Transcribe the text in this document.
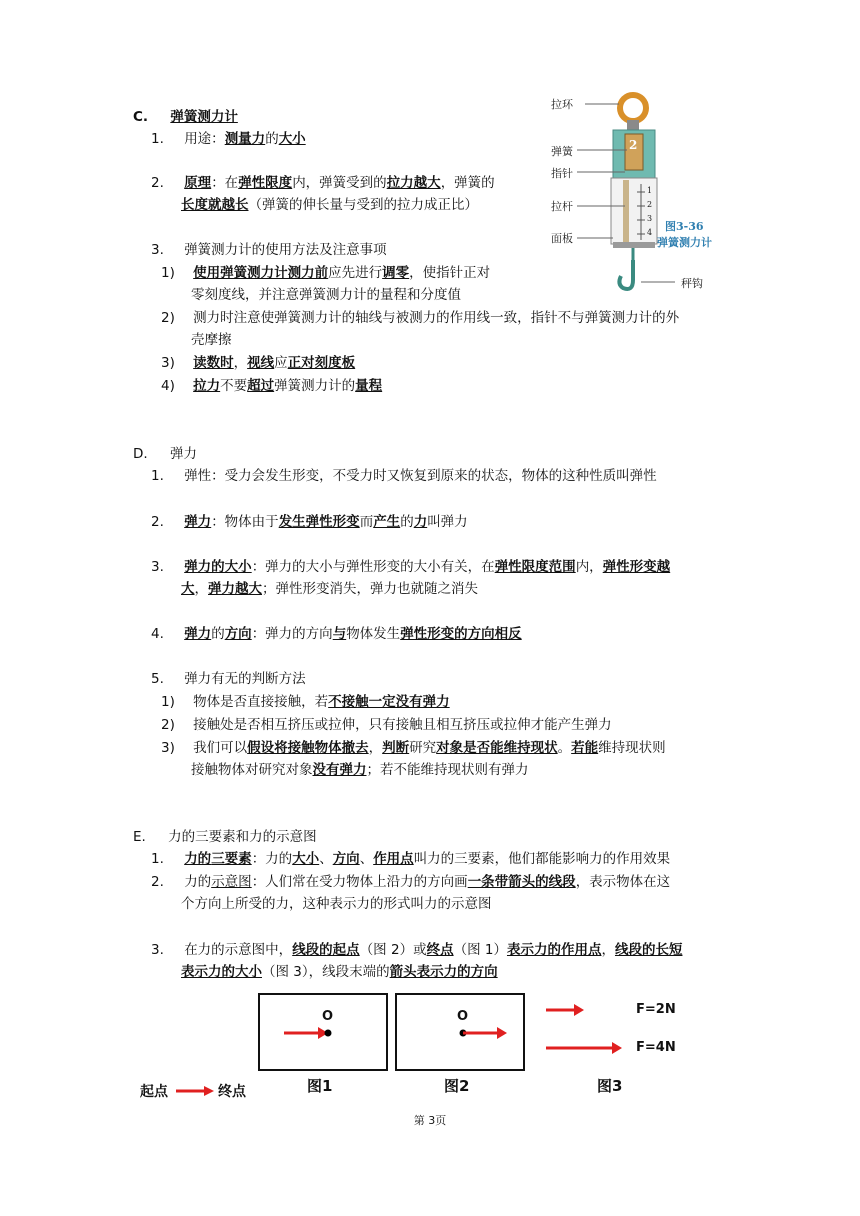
C. 弹簧测力计
1. 用途：测量力的大小
2. 原理：在弹性限度内，弹簧受到的拉力越大，弹簧的
长度就越长（弹簧的伸长量与受到的拉力成正比）
3. 弹簧测力计的使用方法及注意事项
1) 使用弹簧测力计测力前应先进行调零，使指针正对
零刻度线，并注意弹簧测力计的量程和分度值
2) 测力时注意使弹簧测力计的轴线与被测力的作用线一致，指针不与弹簧测力计的外
壳摩擦
3) 读数时，视线应正对刻度板
4) 拉力不要超过弹簧测力计的量程
拉环
弹簧
指针
拉杆
面板
秤钩
2
1
2
3
4 图3-36
弹簧测力计
D. 弹力
1. 弹性：受力会发生形变，不受力时又恢复到原来的状态，物体的这种性质叫弹性
2. 弹力：物体由于发生弹性形变而产生的力叫弹力
3. 弹力的大小：弹力的大小与弹性形变的大小有关，在弹性限度范围内，弹性形变越
大，弹力越大；弹性形变消失，弹力也就随之消失
4. 弹力的方向：弹力的方向与物体发生弹性形变的方向相反
5. 弹力有无的判断方法
1) 物体是否直接接触，若不接触一定没有弹力
2) 接触处是否相互挤压或拉伸，只有接触且相互挤压或拉伸才能产生弹力
3) 我们可以假设将接触物体撤去，判断研究对象是否能维持现状。若能维持现状则
接触物体对研究对象没有弹力；若不能维持现状则有弹力
E. 力的三要素和力的示意图
1. 力的三要素：力的大小、方向、作用点叫力的三要素，他们都能影响力的作用效果
2. 力的示意图：人们常在受力物体上沿力的方向画一条带箭头的线段，表示物体在这
个方向上所受的力，这种表示力的形式叫力的示意图
3. 在力的示意图中，线段的起点（图 2）或终点（图 1）表示力的作用点，线段的长短
表示力的大小（图 3），线段末端的箭头表示力的方向
O	O	F=2N
F=4N
图1	图2	图3
起点	终点
第 3页
